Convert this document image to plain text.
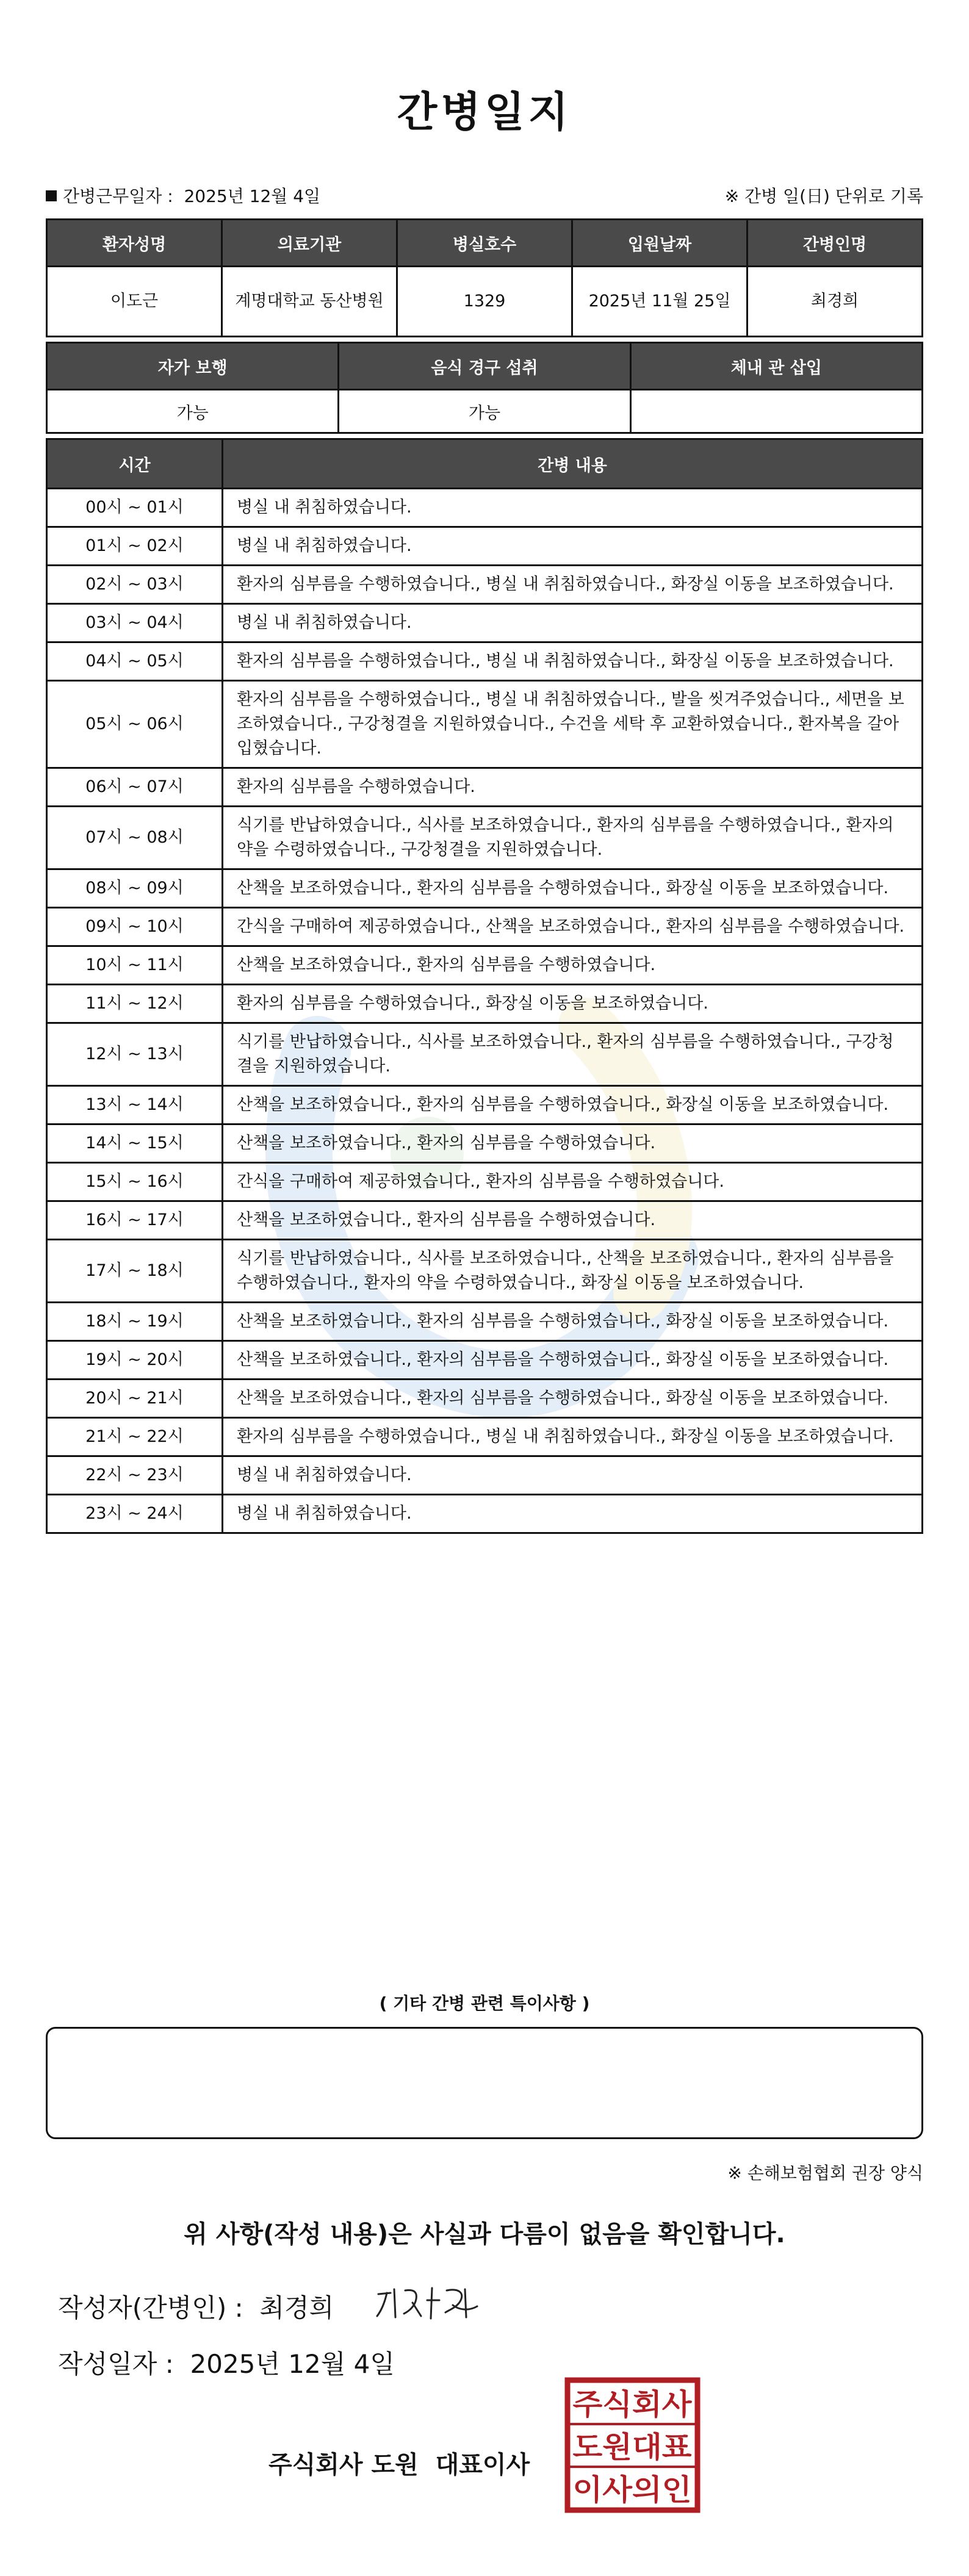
간병일지
간병근무일자 : 2025년 12월 4일	※ 간병 일(日) 단위로 기록
환자성명	의료기관	병실호수	입원날짜	간병인명
이도근	계명대학교 동산병원	1329	2025년 11월 25일	최경희
자가 보행	음식 경구 섭취	체내 관 삽입
가능	가능	
시간	간병 내용
00시 ~ 01시	병실 내 취침하였습니다.
01시 ~ 02시	병실 내 취침하였습니다.
02시 ~ 03시	환자의 심부름을 수행하였습니다., 병실 내 취침하였습니다., 화장실 이동을 보조하였습니다.
03시 ~ 04시	병실 내 취침하였습니다.
04시 ~ 05시	환자의 심부름을 수행하였습니다., 병실 내 취침하였습니다., 화장실 이동을 보조하였습니다.
05시 ~ 06시	환자의 심부름을 수행하였습니다., 병실 내 취침하였습니다., 발을 씻겨주었습니다., 세면을 보조하였습니다., 구강청결을 지원하였습니다., 수건을 세탁 후 교환하였습니다., 환자복을 갈아입혔습니다.
06시 ~ 07시	환자의 심부름을 수행하였습니다.
07시 ~ 08시	식기를 반납하였습니다., 식사를 보조하였습니다., 환자의 심부름을 수행하였습니다., 환자의 약을 수령하였습니다., 구강청결을 지원하였습니다.
08시 ~ 09시	산책을 보조하였습니다., 환자의 심부름을 수행하였습니다., 화장실 이동을 보조하였습니다.
09시 ~ 10시	간식을 구매하여 제공하였습니다., 산책을 보조하였습니다., 환자의 심부름을 수행하였습니다.
10시 ~ 11시	산책을 보조하였습니다., 환자의 심부름을 수행하였습니다.
11시 ~ 12시	환자의 심부름을 수행하였습니다., 화장실 이동을 보조하였습니다.
12시 ~ 13시	식기를 반납하였습니다., 식사를 보조하였습니다., 환자의 심부름을 수행하였습니다., 구강청결을 지원하였습니다.
13시 ~ 14시	산책을 보조하였습니다., 환자의 심부름을 수행하였습니다., 화장실 이동을 보조하였습니다.
14시 ~ 15시	산책을 보조하였습니다., 환자의 심부름을 수행하였습니다.
15시 ~ 16시	간식을 구매하여 제공하였습니다., 환자의 심부름을 수행하였습니다.
16시 ~ 17시	산책을 보조하였습니다., 환자의 심부름을 수행하였습니다.
17시 ~ 18시	식기를 반납하였습니다., 식사를 보조하였습니다., 산책을 보조하였습니다., 환자의 심부름을 수행하였습니다., 환자의 약을 수령하였습니다., 화장실 이동을 보조하였습니다.
18시 ~ 19시	산책을 보조하였습니다., 환자의 심부름을 수행하였습니다., 화장실 이동을 보조하였습니다.
19시 ~ 20시	산책을 보조하였습니다., 환자의 심부름을 수행하였습니다., 화장실 이동을 보조하였습니다.
20시 ~ 21시	산책을 보조하였습니다., 환자의 심부름을 수행하였습니다., 화장실 이동을 보조하였습니다.
21시 ~ 22시	환자의 심부름을 수행하였습니다., 병실 내 취침하였습니다., 화장실 이동을 보조하였습니다.
22시 ~ 23시	병실 내 취침하였습니다.
23시 ~ 24시	병실 내 취침하였습니다.
( 기타 간병 관련 특이사항 )
※ 손해보험협회 권장 양식
위 사항(작성 내용)은 사실과 다름이 없음을 확인합니다.
작성자(간병인) : 최경희
작성일자 : 2025년 12월 4일
주식회사 도원  대표이사
주식회사
도원대표
이사의인
